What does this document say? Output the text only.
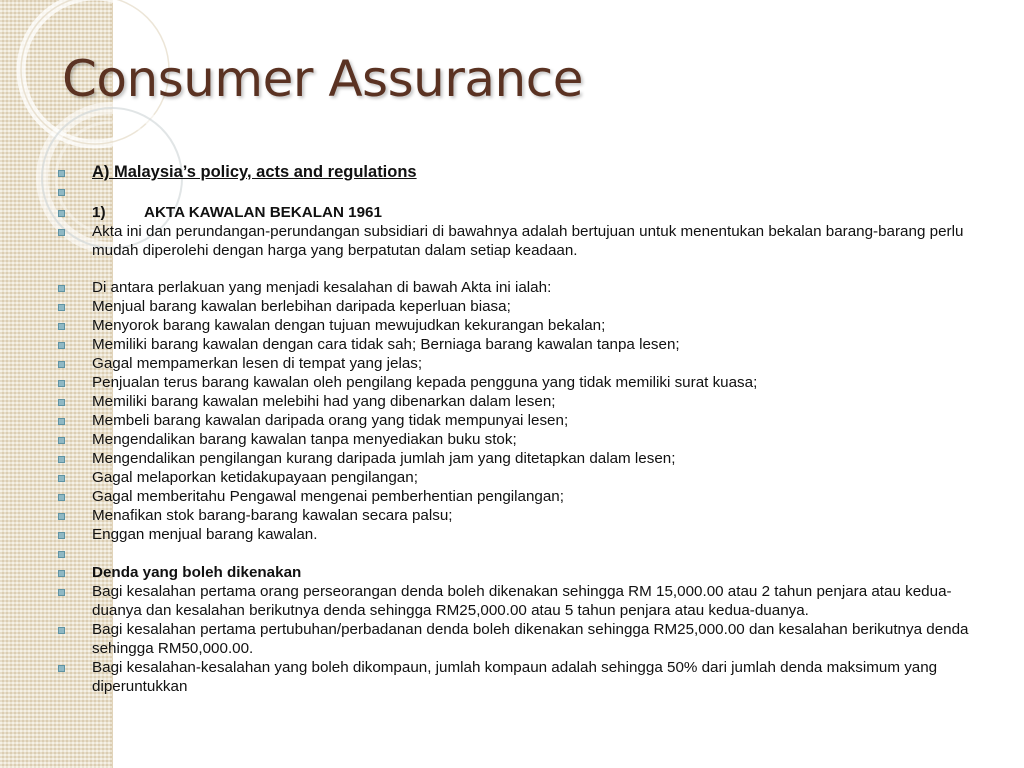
Consumer Assurance
A) Malaysia’s policy, acts and regulations
1)	AKTA KAWALAN BEKALAN 1961
Akta ini dan perundangan-perundangan subsidiari di bawahnya adalah bertujuan untuk menentukan bekalan barang-barang perlu mudah diperolehi dengan harga yang berpatutan dalam setiap keadaan.
Di antara perlakuan yang menjadi kesalahan di bawah Akta ini ialah:
Menjual barang kawalan berlebihan daripada keperluan biasa;
Menyorok barang kawalan dengan tujuan mewujudkan kekurangan bekalan;
Memiliki barang kawalan dengan cara tidak sah; Berniaga barang kawalan tanpa lesen;
Gagal mempamerkan lesen di tempat yang jelas;
Penjualan terus barang kawalan oleh pengilang kepada pengguna yang tidak memiliki surat kuasa;
Memiliki barang kawalan melebihi had yang dibenarkan dalam lesen;
Membeli barang kawalan daripada orang yang tidak mempunyai lesen;
Mengendalikan barang kawalan tanpa menyediakan buku stok;
Mengendalikan pengilangan kurang daripada jumlah jam yang ditetapkan dalam lesen;
Gagal melaporkan ketidakupayaan pengilangan;
Gagal memberitahu Pengawal mengenai pemberhentian pengilangan;
Menafikan stok barang-barang kawalan secara palsu;
Enggan menjual barang kawalan.
Denda yang boleh dikenakan
Bagi kesalahan pertama orang perseorangan denda boleh dikenakan sehingga RM 15,000.00 atau 2 tahun penjara atau kedua-duanya dan kesalahan berikutnya denda sehingga RM25,000.00 atau 5 tahun penjara atau kedua-duanya.
Bagi kesalahan pertama pertubuhan/perbadanan denda boleh dikenakan sehingga RM25,000.00 dan kesalahan berikutnya denda sehingga RM50,000.00.
Bagi kesalahan-kesalahan yang boleh dikompaun, jumlah kompaun adalah sehingga 50% dari jumlah denda maksimum yang diperuntukkan
